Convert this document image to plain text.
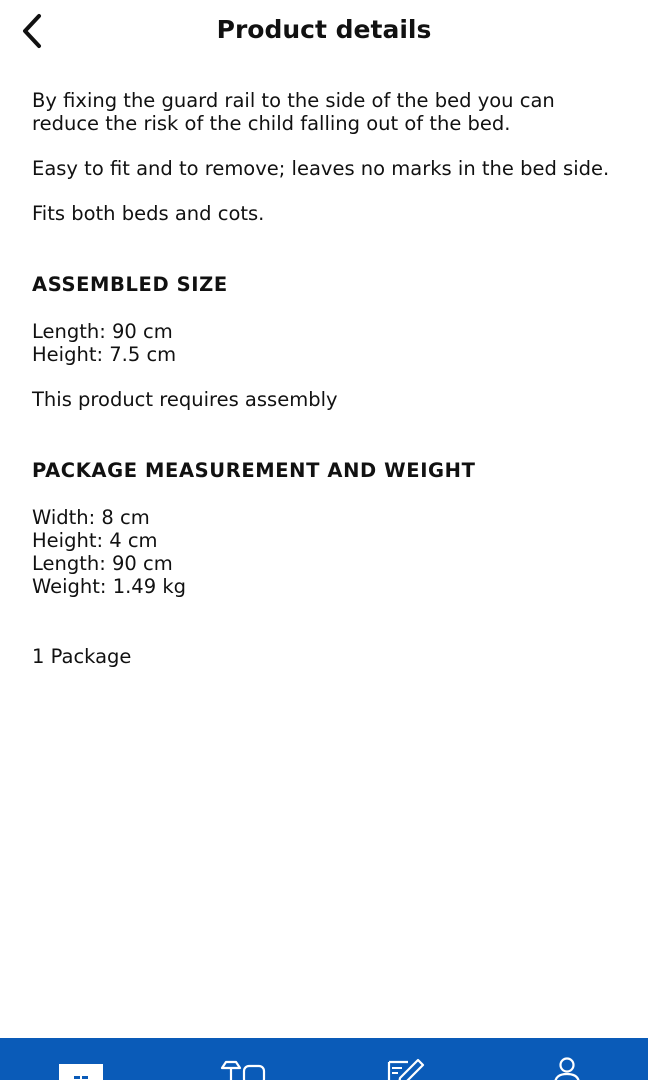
Product details

By fixing the guard rail to the side of the bed you can reduce the risk of the child falling out of the bed.

Easy to fit and to remove; leaves no marks in the bed side.

Fits both beds and cots.

ASSEMBLED SIZE

Length: 90 cm

Height: 7.5 cm

This product requires assembly

PACKAGE MEASUREMENT AND WEIGHT

Width: 8 cm

Height: 4 cm

Length: 90 cm

Weight: 1.49 kg

1 Package
